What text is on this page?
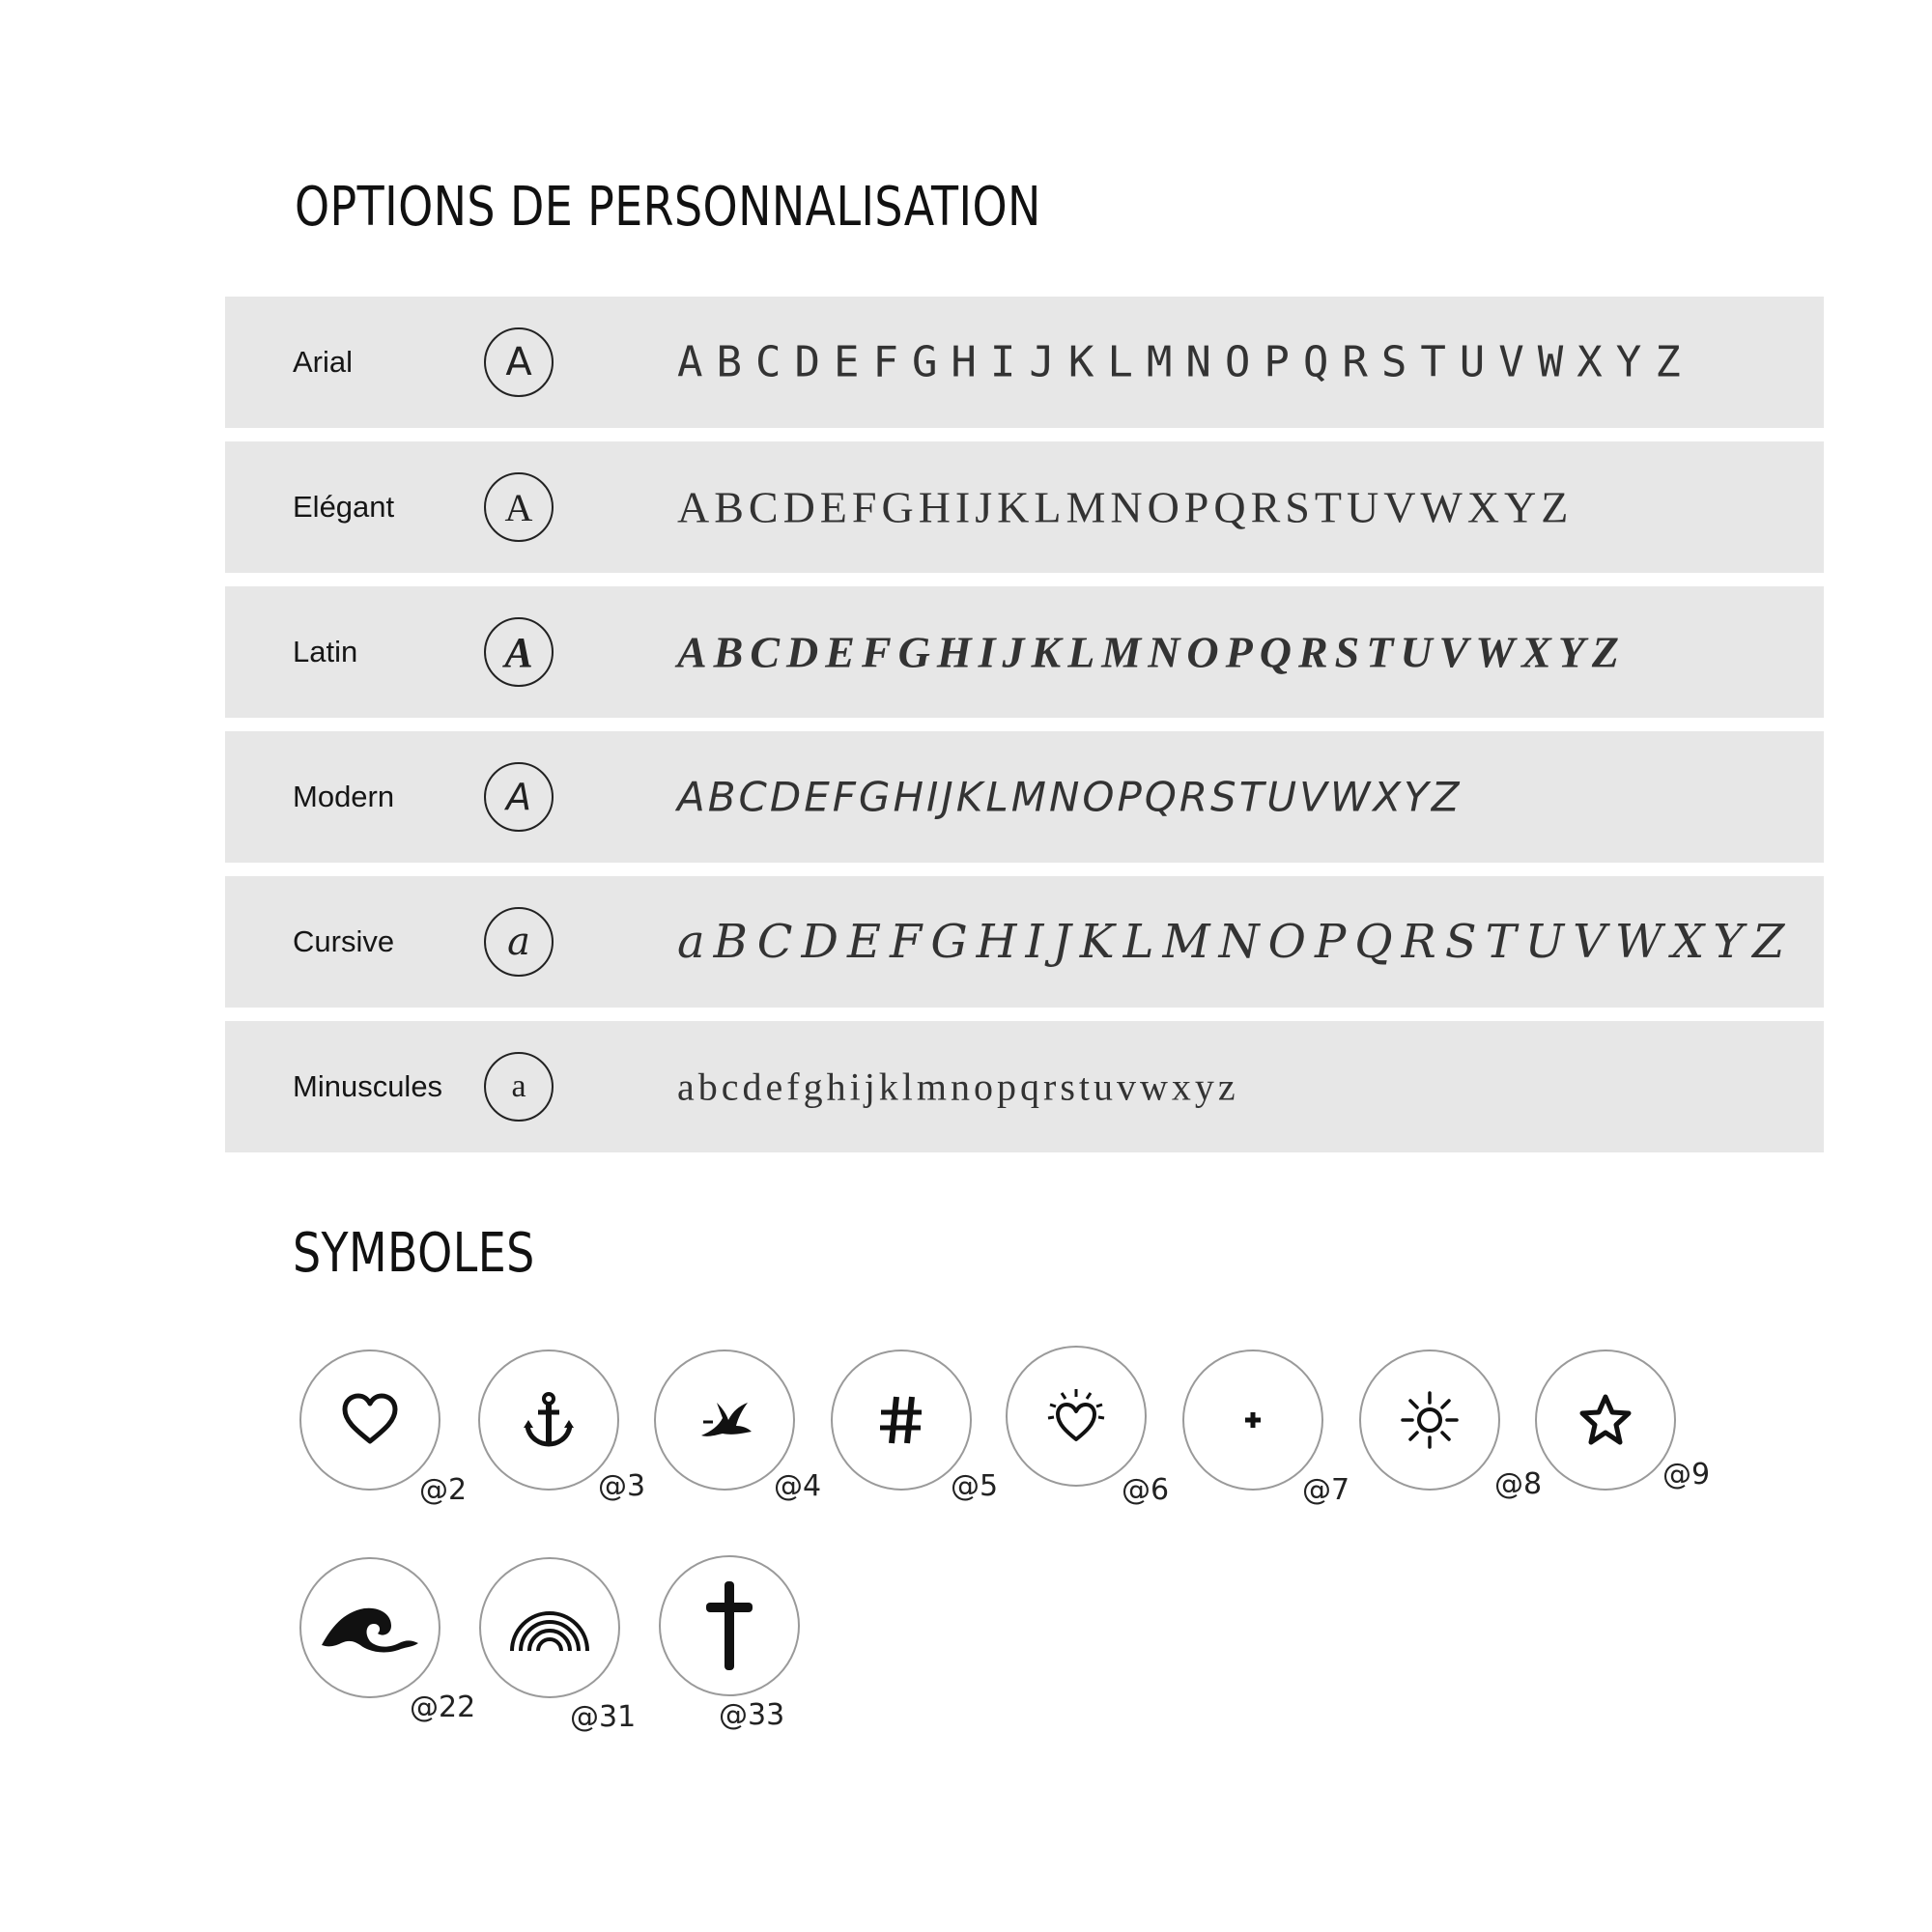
OPTIONS DE PERSONNALISATION
Arial	A	ABCDEFGHIJKLMNOPQRSTUVWXYZ
Elégant	A	ABCDEFGHIJKLMNOPQRSTUVWXYZ
Latin	A	ABCDEFGHIJKLMNOPQRSTUVWXYZ
Modern	A	ABCDEFGHIJKLMNOPQRSTUVWXYZ
Cursive	a	aBCDEFGHIJKLMNOPQRSTUVWXYZ
Minuscules	a	abcdefghijklmnopqrstuvwxyz
SYMBOLES
@2	@3	@4	@5	@6	@7	@8	@9
@22	@31	@33
